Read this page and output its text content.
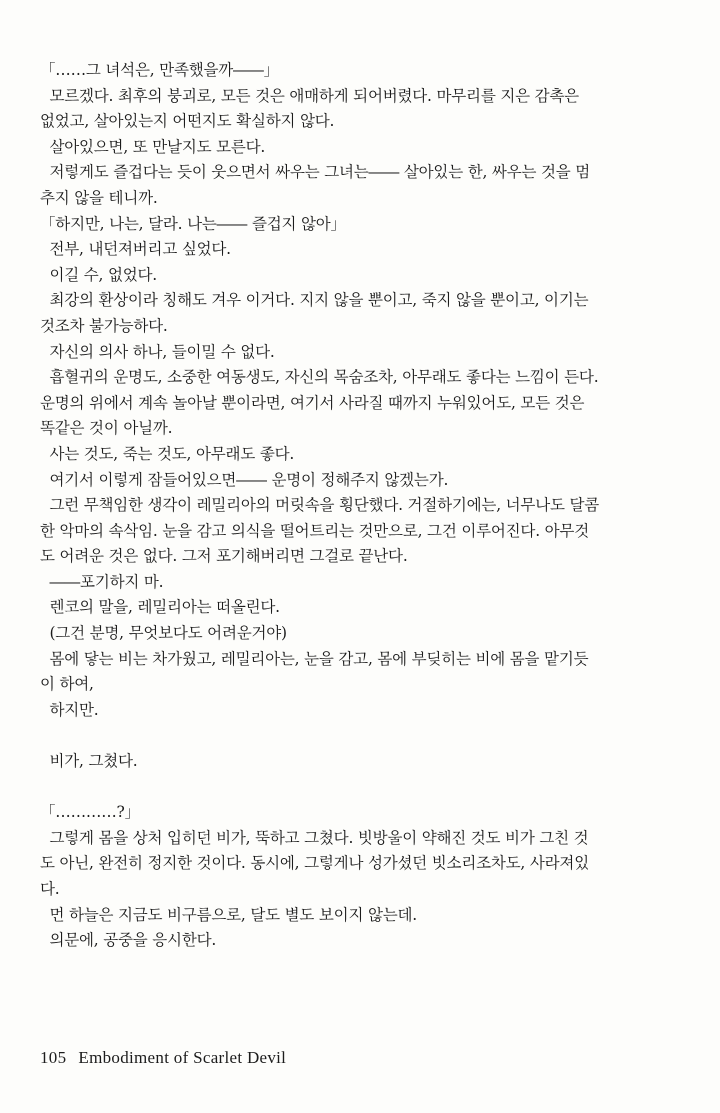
「……그 녀석은, 만족했을까――」
모르겠다. 최후의 붕괴로, 모든 것은 애매하게 되어버렸다. 마무리를 지은 감촉은
없었고, 살아있는지 어떤지도 확실하지 않다.
살아있으면, 또 만날지도 모른다.
저렇게도 즐겁다는 듯이 웃으면서 싸우는 그녀는―― 살아있는 한, 싸우는 것을 멈
추지 않을 테니까.
「하지만, 나는, 달라. 나는―― 즐겁지 않아」
전부, 내던져버리고 싶었다.
이길 수, 없었다.
최강의 환상이라 칭해도 겨우 이거다. 지지 않을 뿐이고, 죽지 않을 뿐이고, 이기는
것조차 불가능하다.
자신의 의사 하나, 들이밀 수 없다.
흡혈귀의 운명도, 소중한 여동생도, 자신의 목숨조차, 아무래도 좋다는 느낌이 든다.
운명의 위에서 계속 놀아날 뿐이라면, 여기서 사라질 때까지 누워있어도, 모든 것은
똑같은 것이 아닐까.
사는 것도, 죽는 것도, 아무래도 좋다.
여기서 이렇게 잠들어있으면―― 운명이 정해주지 않겠는가.
그런 무책임한 생각이 레밀리아의 머릿속을 횡단했다. 거절하기에는, 너무나도 달콤
한 악마의 속삭임. 눈을 감고 의식을 떨어트리는 것만으로, 그건 이루어진다. 아무것
도 어려운 것은 없다. 그저 포기해버리면 그걸로 끝난다.
――포기하지 마.
렌코의 말을, 레밀리아는 떠올린다.
(그건 분명, 무엇보다도 어려운거야)
몸에 닿는 비는 차가웠고, 레밀리아는, 눈을 감고, 몸에 부딪히는 비에 몸을 맡기듯
이 하여,
하지만.
비가, 그쳤다.
「…………?」
그렇게 몸을 상처 입히던 비가, 뚝하고 그쳤다. 빗방울이 약해진 것도 비가 그친 것
도 아닌, 완전히 정지한 것이다. 동시에, 그렇게나 성가셨던 빗소리조차도, 사라져있
다.
먼 하늘은 지금도 비구름으로, 달도 별도 보이지 않는데.
의문에, 공중을 응시한다.
105 Embodiment of Scarlet Devil
